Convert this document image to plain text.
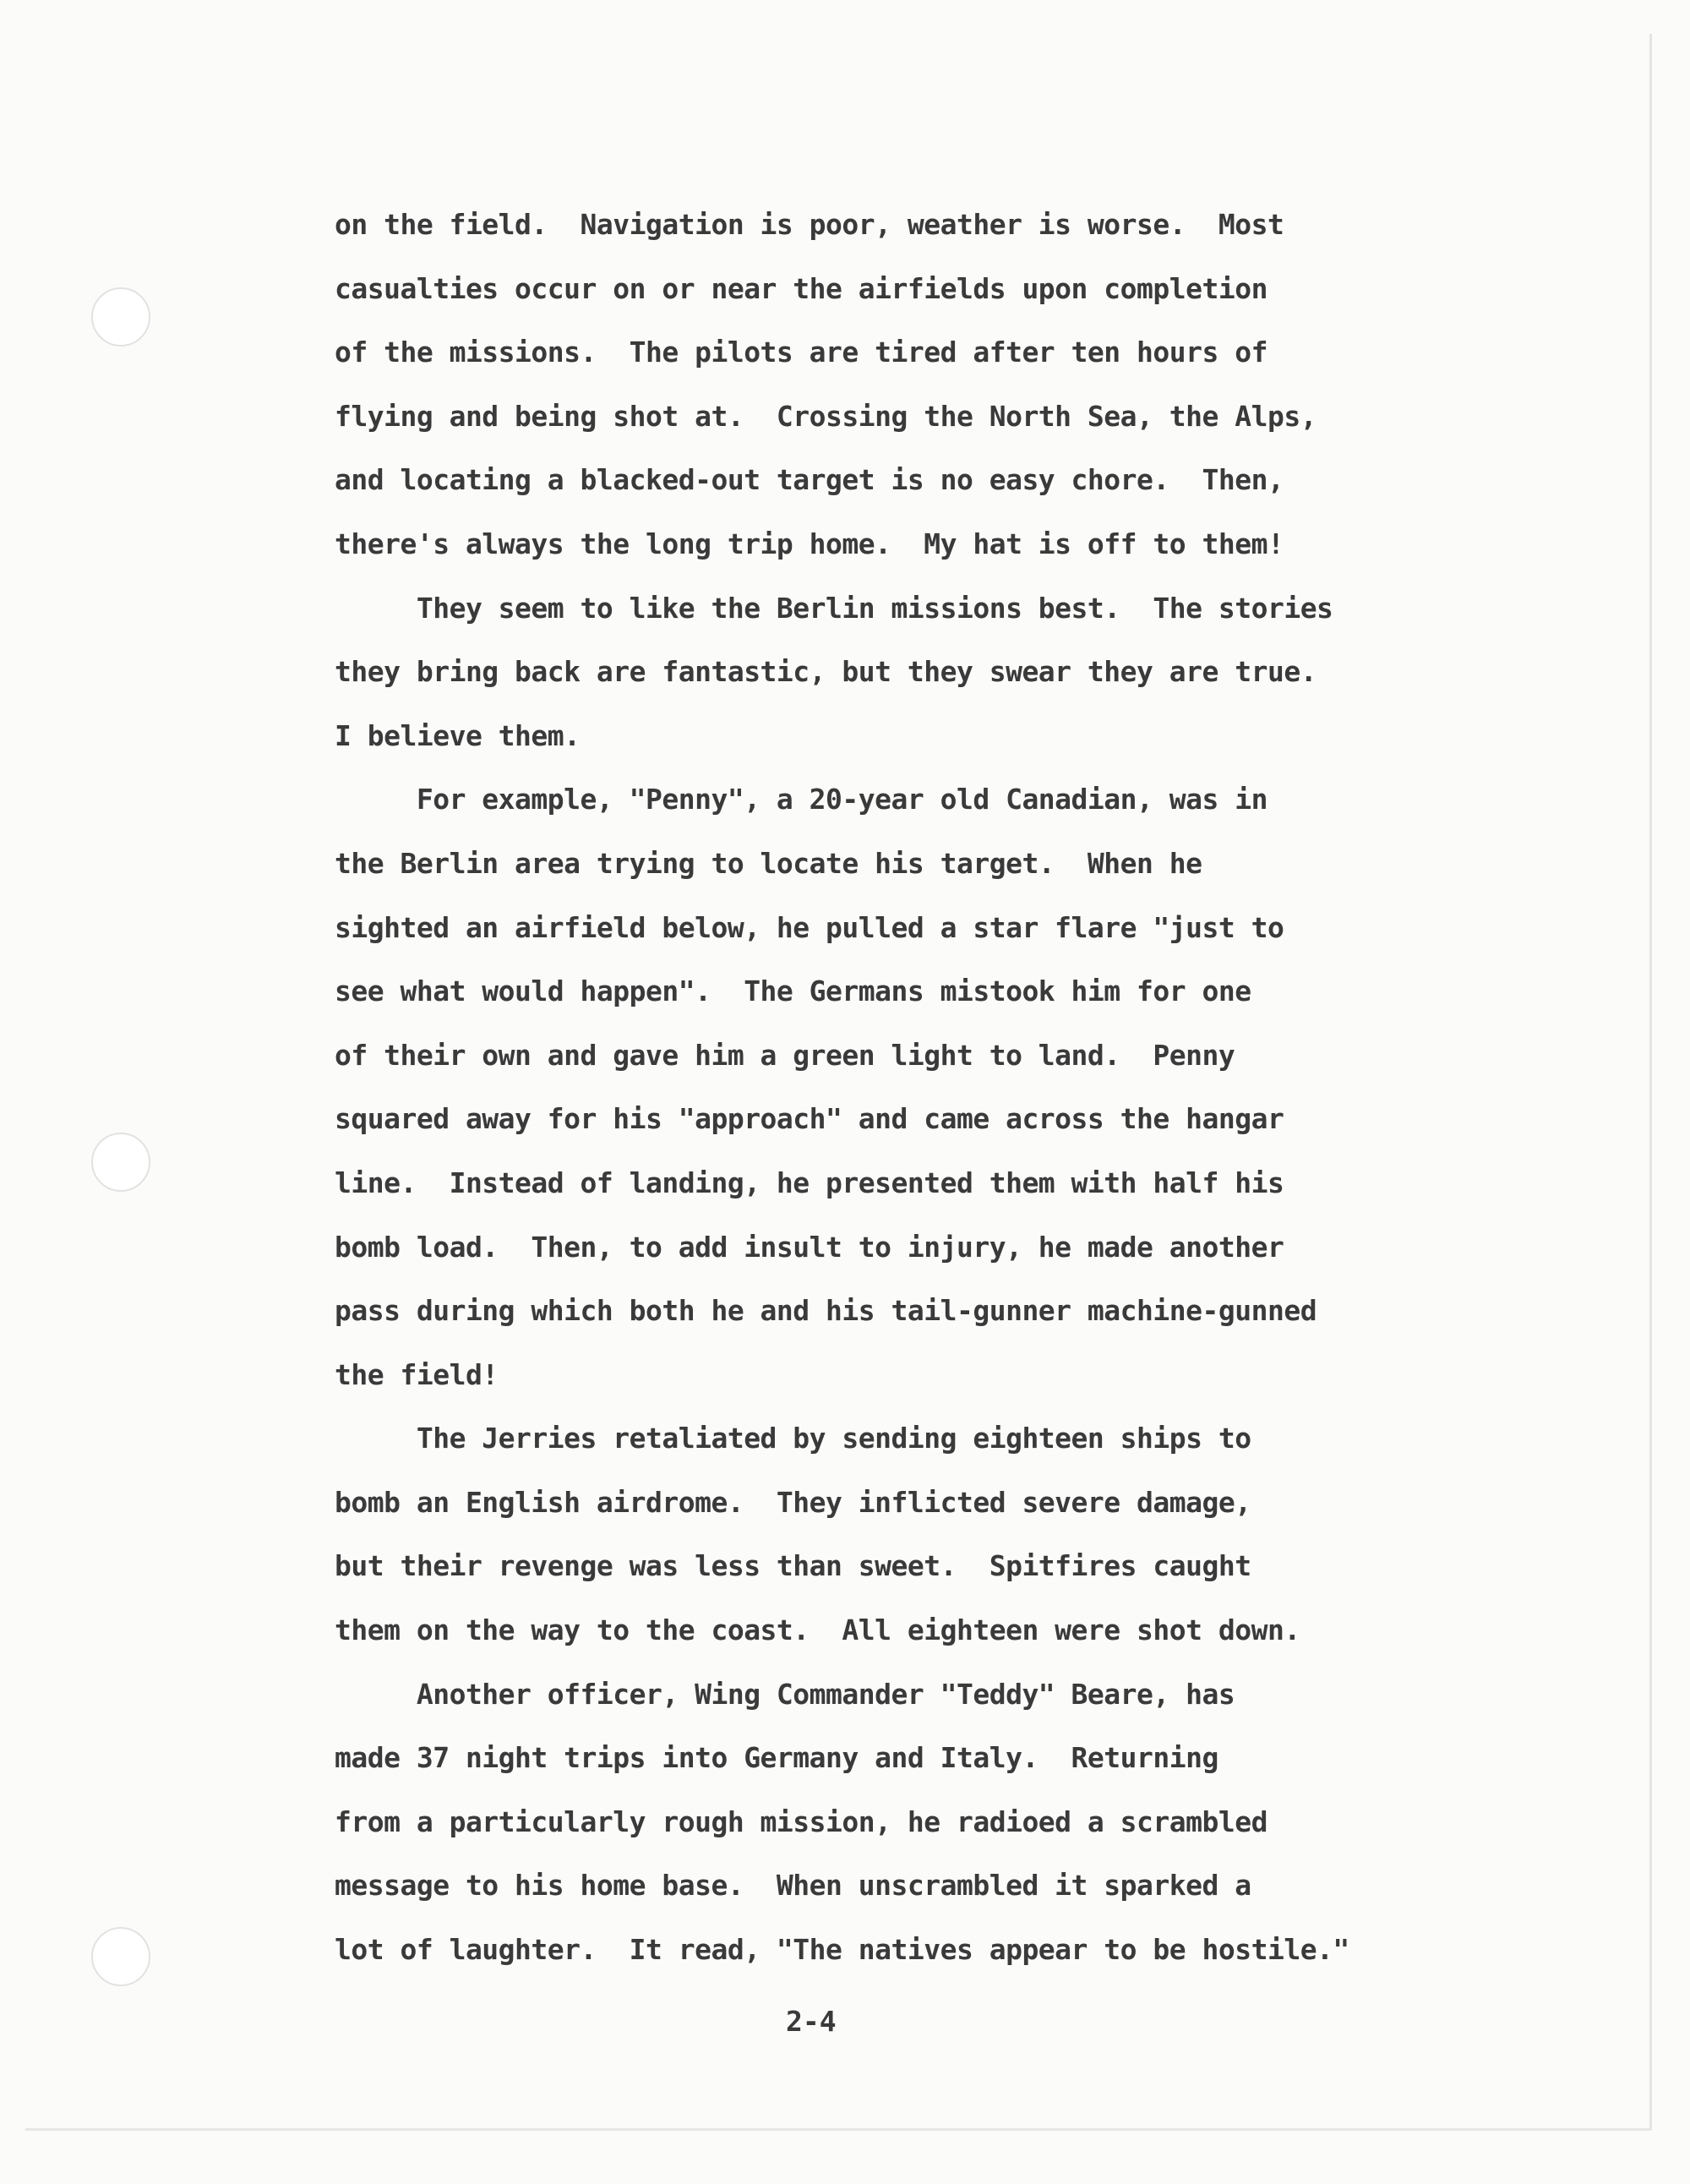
on the field.  Navigation is poor, weather is worse.  Most
casualties occur on or near the airfields upon completion
of the missions.  The pilots are tired after ten hours of
flying and being shot at.  Crossing the North Sea, the Alps,
and locating a blacked-out target is no easy chore.  Then,
there's always the long trip home.  My hat is off to them!
They seem to like the Berlin missions best.  The stories
they bring back are fantastic, but they swear they are true.
I believe them.
For example, "Penny", a 20-year old Canadian, was in
the Berlin area trying to locate his target.  When he
sighted an airfield below, he pulled a star flare "just to
see what would happen".  The Germans mistook him for one
of their own and gave him a green light to land.  Penny
squared away for his "approach" and came across the hangar
line.  Instead of landing, he presented them with half his
bomb load.  Then, to add insult to injury, he made another
pass during which both he and his tail-gunner machine-gunned
the field!
The Jerries retaliated by sending eighteen ships to
bomb an English airdrome.  They inflicted severe damage,
but their revenge was less than sweet.  Spitfires caught
them on the way to the coast.  All eighteen were shot down.
Another officer, Wing Commander "Teddy" Beare, has
made 37 night trips into Germany and Italy.  Returning
from a particularly rough mission, he radioed a scrambled
message to his home base.  When unscrambled it sparked a
lot of laughter.  It read, "The natives appear to be hostile."
2-4
